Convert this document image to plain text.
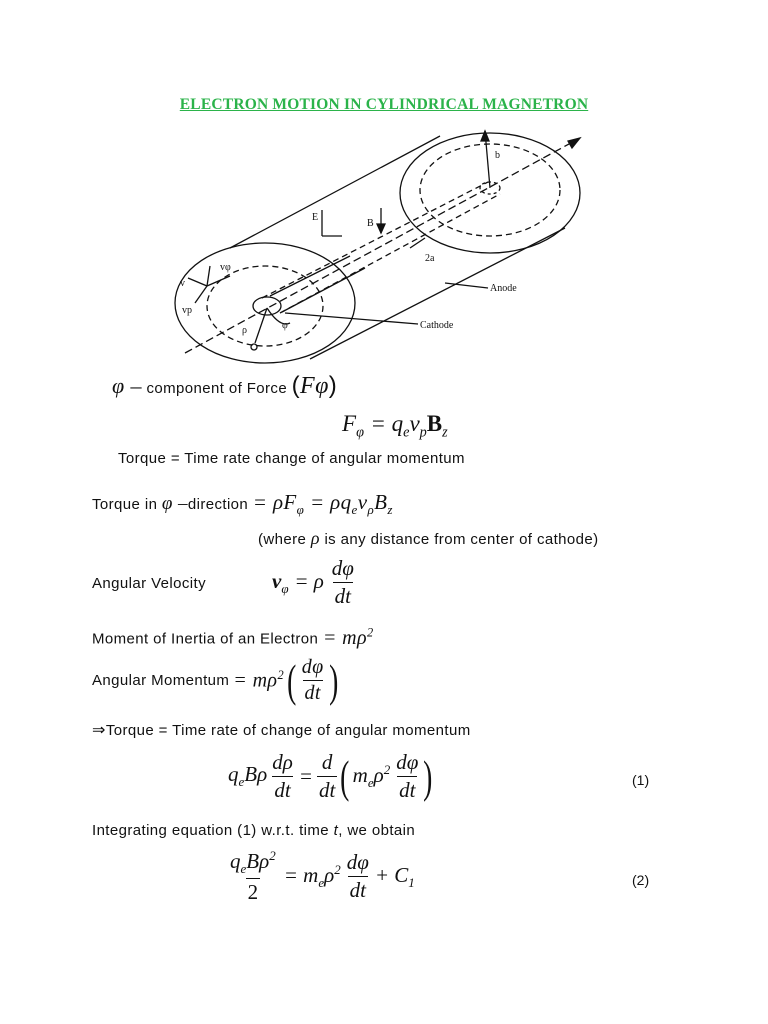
ELECTRON MOTION IN CYLINDRICAL MAGNETRON
b
E
B
2a
Anode
Cathode
v
vφ
vp
ρ	φ
φ – component of Force (Fφ)
$F_\varphi = q_ev_pB_z$
Torque = Time rate change of angular momentum
Torque in φ –direction = $\rho F_\varphi = \rho q_ev_\rho B_z$
(where ρ is any distance from center of cathode)
Angular Velocity	$v_\varphi = \rho \frac{d\varphi}{dt}$
Moment of Inertia of an Electron = $m\rho^2$
Angular Momentum = $m\rho^2$ ( $\frac{d\varphi}{dt}$ )
⇒Torque = Time rate of change of angular momentum
$q_eB\rho \frac{d\rho}{dt} = \frac{d}{dt}$ ( $m_e\rho^2 \frac{d\varphi}{dt}$ )	(1)
Integrating equation (1) w.r.t. time t, we obtain
$\frac{q_eB\rho^2}{2} = m_e\rho^2 \frac{d\varphi}{dt} + C_1$	(2)
